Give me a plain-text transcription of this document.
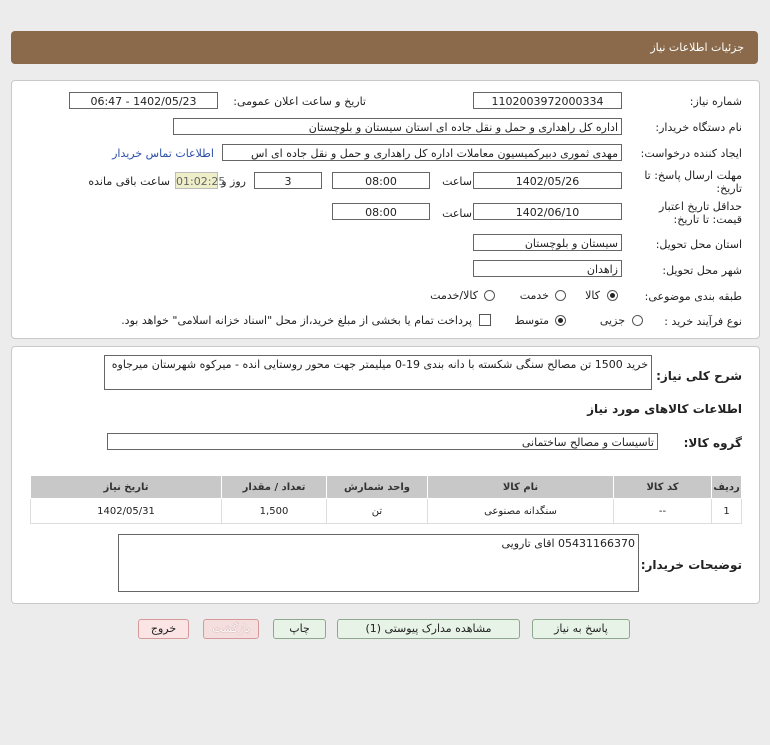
جزئیات اطلاعات نیاز
شماره نیاز:
1102003972000334
تاریخ و ساعت اعلان عمومی:
1402/05/23 - 06:47
نام دستگاه خریدار:
اداره کل راهداری و حمل و نقل جاده ای استان سیستان و بلوچستان
ایجاد کننده درخواست:
مهدی ثموری دبیرکمیسیون معاملات اداره کل راهداری و حمل و نقل جاده ای اس
اطلاعات تماس خریدار
مهلت ارسال پاسخ: تا
تاریخ:
1402/05/26
ساعت
08:00
3
روز و
01:02:25
ساعت باقی مانده
حداقل تاریخ اعتبار
قیمت: تا تاریخ:
1402/06/10
ساعت
08:00
استان محل تحویل:
سیستان و بلوچستان
شهر محل تحویل:
زاهدان
طبقه بندی موضوعی:
کالا
خدمت
کالا/خدمت
نوع فرآیند خرید :
جزیی
متوسط
پرداخت تمام یا بخشی از مبلغ خرید،از محل "اسناد خزانه اسلامی" خواهد بود.
شرح کلی نیاز:
خرید 1500 تن مصالح سنگی شکسته با دانه بندی 19-0 میلیمتر جهت محور روستایی انده - میرکوه شهرستان میرجاوه
اطلاعات کالاهای مورد نیاز
گروه کالا:
تاسیسات و مصالح ساختمانی
ردیف	کد کالا	نام کالا	واحد شمارش	تعداد / مقدار	تاریخ نیاز
1	--	سنگدانه مصنوعی	تن	1,500	1402/05/31
توضیحات خریدار:
05431166370 اقای تارویی
پاسخ به نیاز
مشاهده مدارک پیوستی (1)
چاپ
بازگشت
خروج
